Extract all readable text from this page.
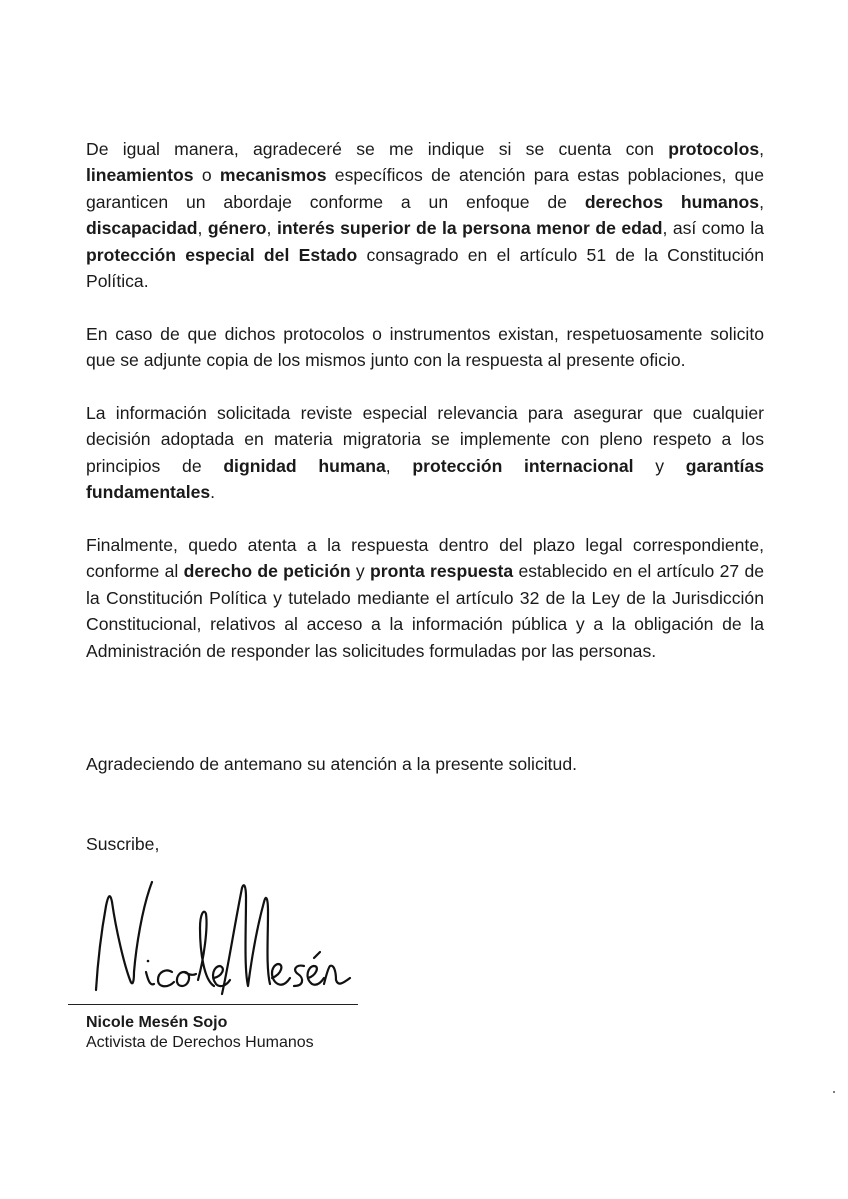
De igual manera, agradeceré se me indique si se cuenta con protocolos, lineamientos o mecanismos específicos de atención para estas poblaciones, que garanticen un abordaje conforme a un enfoque de derechos humanos, discapacidad, género, interés superior de la persona menor de edad, así como la protección especial del Estado consagrado en el artículo 51 de la Constitución Política.

En caso de que dichos protocolos o instrumentos existan, respetuosamente solicito que se adjunte copia de los mismos junto con la respuesta al presente oficio.

La información solicitada reviste especial relevancia para asegurar que cualquier decisión adoptada en materia migratoria se implemente con pleno respeto a los principios de dignidad humana, protección internacional y garantías fundamentales.

Finalmente, quedo atenta a la respuesta dentro del plazo legal correspondiente, conforme al derecho de petición y pronta respuesta establecido en el artículo 27 de la Constitución Política y tutelado mediante el artículo 32 de la Ley de la Jurisdicción Constitucional, relativos al acceso a la información pública y a la obligación de la Administración de responder las solicitudes formuladas por las personas.

Agradeciendo de antemano su atención a la presente solicitud.

Suscribe,

Nicole Mesén Sojo
Activista de Derechos Humanos
